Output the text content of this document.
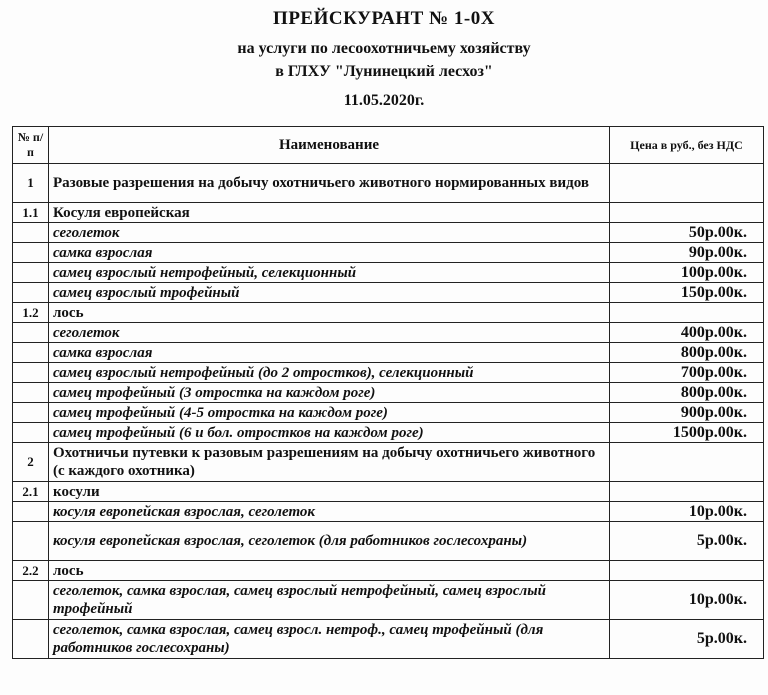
ПРЕЙСКУРАНТ № 1-0Х
на услуги по лесоохотничьему хозяйству
в ГЛХУ "Лунинецкий лесхоз"
11.05.2020г.
№ п/п	Наименование	Цена в руб., без НДС
1	Разовые разрешения на добычу охотничьего животного нормированных видов	
1.1	Косуля европейская	
	сеголеток	50р.00к.
	самка взрослая	90р.00к.
	самец взрослый нетрофейный, селекционный	100р.00к.
	самец взрослый трофейный	150р.00к.
1.2	лось	
	сеголеток	400р.00к.
	самка взрослая	800р.00к.
	самец взрослый нетрофейный (до 2 отростков), селекционный	700р.00к.
	самец трофейный (3 отростка на каждом роге)	800р.00к.
	самец трофейный (4-5 отростка на каждом роге)	900р.00к.
	самец трофейный (6 и бол. отростков на каждом роге)	1500р.00к.
2	Охотничьи путевки к разовым разрешениям на добычу охотничьего животного (с каждого охотника)	
2.1	косули	
	косуля европейская взрослая, сеголеток	10р.00к.
	косуля европейская взрослая, сеголеток (для работников гослесохраны)	5р.00к.
2.2	лось	
	сеголеток, самка взрослая, самец взрослый нетрофейный, самец взрослый трофейный	10р.00к.
	сеголеток, самка взрослая, самец взросл. нетроф., самец трофейный (для работников гослесохраны)	5р.00к.
